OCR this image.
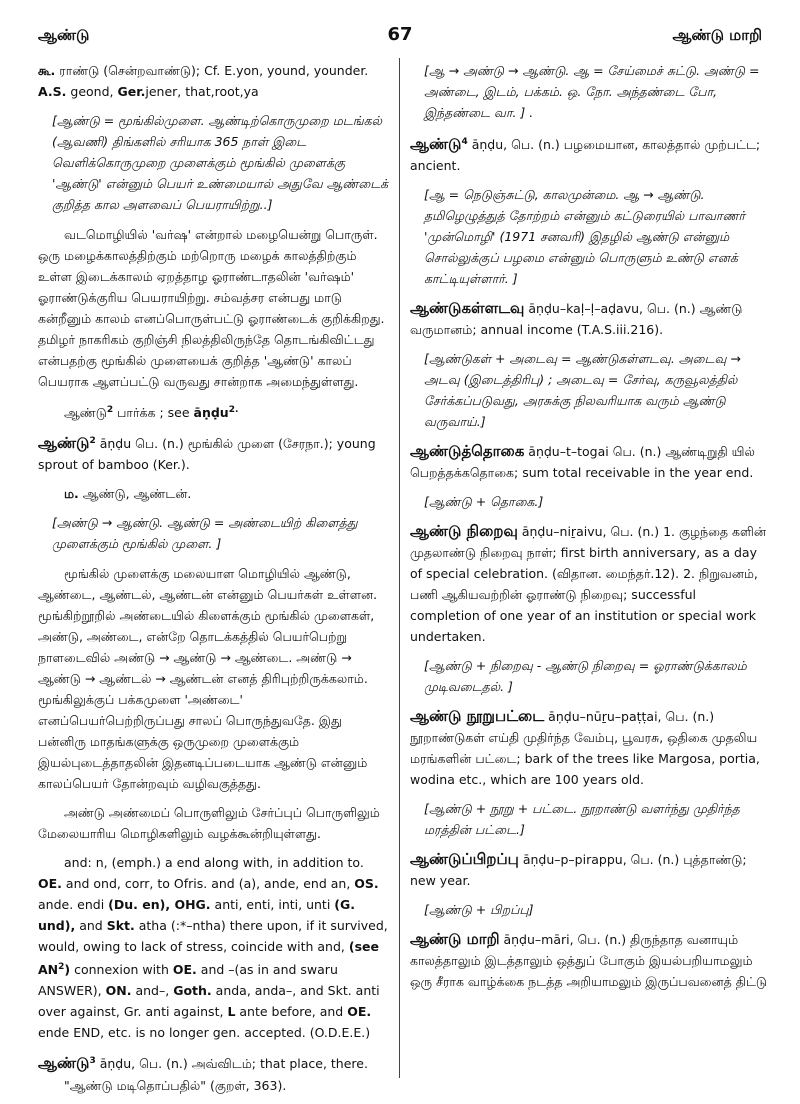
ஆண்டு	67	ஆண்டு மாறி

கூ. ராண்டு (சென்றவாண்டு); Cf. E.yon, yound, younder. A.S. geond, Ger.jener, that,root,ya

[ஆண்டு = மூங்கில்முளை. ஆண்டிற்கொருமுறை மடங்கல் (ஆவணி) திங்களில் சரியாக 365 நாள் இடை வெளிக்கொருமுறை முளைக்கும் மூங்கில் முளைக்கு 'ஆண்டு' என்னும் பெயர் உண்மையால் அதுவே ஆண்டைக் குறித்த கால அளவைப் பெயராயிற்று..]

வடமொழியில் 'வர்ஷ' என்றால் மழையென்று பொருள். ஒரு மழைக்காலத்திற்கும் மற்றொரு மழைக் காலத்திற்கும் உள்ள இடைக்காலம் ஏறத்தாழ ஓராண்டாதலின் 'வர்ஷம்' ஓராண்டுக்குரிய பெயராயிற்று. சம்வத்சர என்பது மாடு கன்றீனும் காலம் எனப்பொருள்பட்டு ஓராண்டைக் குறிக்கிறது. தமிழர் நாகரிகம் குறிஞ்சி நிலத்திலிருந்தே தொடங்கிவிட்டது என்பதற்கு மூங்கில் முளையைக் குறித்த 'ஆண்டு' காலப் பெயராக ஆளப்பட்டு வருவது சான்றாக அமைந்துள்ளது.

ஆண்டு$^2$ பார்க்க ; see āṇḍu$^{2.}$

ஆண்டு$^2$ āṇḍu பெ. (n.) மூங்கில் முளை (சேரநா.); young sprout of bamboo (Ker.).

ம. ஆண்டு, ஆண்டன்.

[அண்டு → ஆண்டு. ஆண்டு = அண்டையிற் கிளைத்து முளைக்கும் மூங்கில் முளை. ]

மூங்கில் முளைக்கு மலையாள மொழியில் ஆண்டு, ஆண்டை, ஆண்டல், ஆண்டன் என்னும் பெயர்கள் உள்ளன. மூங்கிற்றூறில் அண்டையில் கிளைக்கும் மூங்கில் முளைகள், அண்டு, அண்டை, என்றே தொடக்கத்தில் பெயர்பெற்று நாளடைவில் அண்டு → ஆண்டு → ஆண்டை. அண்டு → ஆண்டு → ஆண்டல் → ஆண்டன் எனத் திரிபுற்றிருக்கலாம். மூங்கிலுக்குப் பக்கமுளை 'அண்டை' எனப்பெயர்பெற்றிருப்பது சாலப் பொருந்துவதே. இது பன்னிரு மாதங்களுக்கு ஒருமுறை முளைக்கும் இயல்புடைத்தாதலின் இதனடிப்படையாக ஆண்டு என்னும் காலப்பெயர் தோன்றவும் வழிவகுத்தது.

அண்டு அண்மைப் பொருளிலும் சேர்ப்புப் பொருளிலும் மேலையாரிய மொழிகளிலும் வழக்கூன்றியுள்ளது.

and: n, (emph.) a end along with, in addition to. OE. and ond, corr, to Ofris. and (a), ande, end an, OS. ande. endi (Du. en), OHG. anti, enti, inti, unti (G. und), and Skt. atha (:*–ntha) there upon, if it survived, would, owing to lack of stress, coincide with and, (see $AN^2$) connexion with OE. and –(as in and swaru ANSWER), ON. and–, Goth. anda, anda–, and Skt. anti over against, Gr. anti against, L ante before, and OE. ende END, etc. is no longer gen. accepted. (O.D.E.E.)

ஆண்டு$^3$ āṇḍu, பெ. (n.) அவ்விடம்; that place, there.
"ஆண்டு மடிதொப்பதில்" (குறள், 363).

[ஆ → அண்டு → ஆண்டு. ஆ = சேய்மைச் சுட்டு. அண்டு = அண்டை, இடம், பக்கம். ஒ. நோ. அந்தண்டை போ, இந்தண்டை வா. ] .

ஆண்டு$^4$ āṇḍu, பெ. (n.) பழமையான, காலத்தால் முற்பட்ட; ancient.

[ஆ = நெடுஞ்சுட்டு, காலமுன்மை. ஆ → ஆண்டு. தமிழெழுத்துத் தோற்றம் என்னும் கட்டுரையில் பாவாணர் 'முன்மொழி' (1971 சனவரி) இதழில் ஆண்டு என்னும் சொல்லுக்குப் பழமை என்னும் பொருளும் உண்டு எனக் காட்டியுள்ளார். ]

ஆண்டுகள்ளடவு āṇḍu–kaḷ–ḷ–aḍavu, பெ. (n.) ஆண்டு வருமானம்; annual income (T.A.S.iii.216).

[ஆண்டுகள் + அடைவு = ஆண்டுகள்ளடவு. அடைவு → அடவு (இடைத்திரிபு) ; அடைவு = சேர்வு, கருவூலத்தில் சேர்க்கப்படுவது, அரசுக்கு நிலவரியாக வரும் ஆண்டு வருவாய்.]

ஆண்டுத்தொகை āṇḍu–t–togai பெ. (n.) ஆண்டிறுதி யில் பெறத்தக்கதொகை; sum total receivable in the year end.

[ஆண்டு + தொகை.]

ஆண்டு நிறைவு āṇḍu–niṟaivu, பெ. (n.) 1. குழந்தை களின் முதலாண்டு நிறைவு நாள்; first birth anniversary, as a day of special celebration. (விதான. மைந்தர்.12). 2. நிறுவனம், பணி ஆகியவற்றின் ஓராண்டு நிறைவு; successful completion of one year of an institution or special work undertaken.

[ஆண்டு + நிறைவு - ஆண்டு நிறைவு = ஓராண்டுக்காலம் முடிவடைதல். ]

ஆண்டு நூறுபட்டை āṇḍu–nūṟu–paṭṭai, பெ. (n.) நூறாண்டுகள் எய்தி முதிர்ந்த வேம்பு, பூவரசு, ஒதிகை முதலிய மரங்களின் பட்டை; bark of the trees like Margosa, portia, wodina etc., which are 100 years old.

[ஆண்டு + நூறு + பட்டை. நூறாண்டு வளர்ந்து முதிர்ந்த மரத்தின் பட்டை.]

ஆண்டுப்பிறப்பு āṇḍu–p–pirappu, பெ. (n.) புத்தாண்டு; new year.

[ஆண்டு + பிறப்பு]

ஆண்டு மாறி āṇḍu–māri, பெ. (n.) திருந்தாத வனாயும் காலத்தாலும் இடத்தாலும் ஒத்துப் போகும் இயல்பறியாமலும் ஒரு சீராக வாழ்க்கை நடத்த அறியாமலும் இருப்பவனைத் திட்டு
